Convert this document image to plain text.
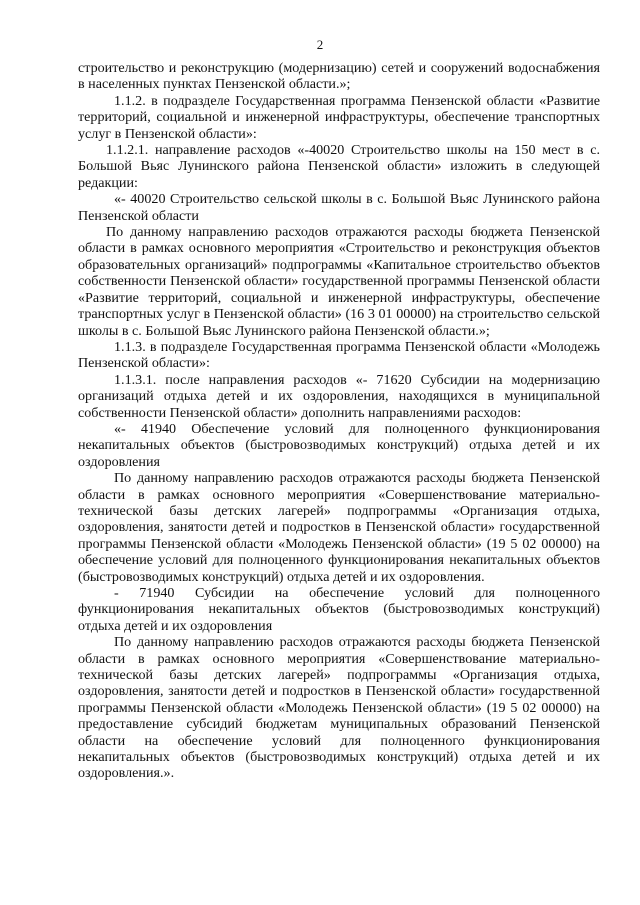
2

строительство и реконструкцию (модернизацию) сетей и сооружений водоснабжения в населенных пунктах Пензенской области.»;

1.1.2. в подразделе Государственная программа Пензенской области «Развитие территорий, социальной и инженерной инфраструктуры, обеспечение транспортных услуг в Пензенской области»:

1.1.2.1. направление расходов «-40020 Строительство школы на 150 мест в с. Большой Вьяс Лунинского района Пензенской области» изложить в следующей редакции:

«- 40020 Строительство сельской школы в с. Большой Вьяс Лунинского района Пензенской области

По данному направлению расходов отражаются расходы бюджета Пензенской области в рамках основного мероприятия «Строительство и реконструкция объектов образовательных организаций» подпрограммы «Капитальное строительство объектов собственности Пензенской области» государственной программы Пензенской области «Развитие территорий, социальной и инженерной инфраструктуры, обеспечение транспортных услуг в Пензенской области» (16 3 01 00000) на строительство сельской школы в с. Большой Вьяс Лунинского района Пензенской области.»;

1.1.3. в подразделе Государственная программа Пензенской области «Молодежь Пензенской области»:

1.1.3.1. после направления расходов «- 71620 Субсидии на модернизацию организаций отдыха детей и их оздоровления, находящихся в муниципальной собственности Пензенской области» дополнить направлениями расходов:

«- 41940 Обеспечение условий для полноценного функционирования некапитальных объектов (быстровозводимых конструкций) отдыха детей и их оздоровления

По данному направлению расходов отражаются расходы бюджета Пензенской области в рамках основного мероприятия «Совершенствование материально-технической базы детских лагерей» подпрограммы «Организация отдыха, оздоровления, занятости детей и подростков в Пензенской области» государственной программы Пензенской области «Молодежь Пензенской области» (19 5 02 00000) на обеспечение условий для полноценного функционирования некапитальных объектов (быстровозводимых конструкций) отдыха детей и их оздоровления.

- 71940 Субсидии на обеспечение условий для полноценного функционирования некапитальных объектов (быстровозводимых конструкций) отдыха детей и их оздоровления

По данному направлению расходов отражаются расходы бюджета Пензенской области в рамках основного мероприятия «Совершенствование материально-технической базы детских лагерей» подпрограммы «Организация отдыха, оздоровления, занятости детей и подростков в Пензенской области» государственной программы Пензенской области «Молодежь Пензенской области» (19 5 02 00000) на предоставление субсидий бюджетам муниципальных образований Пензенской области на обеспечение условий для полноценного функционирования некапитальных объектов (быстровозводимых конструкций) отдыха детей и их оздоровления.».
